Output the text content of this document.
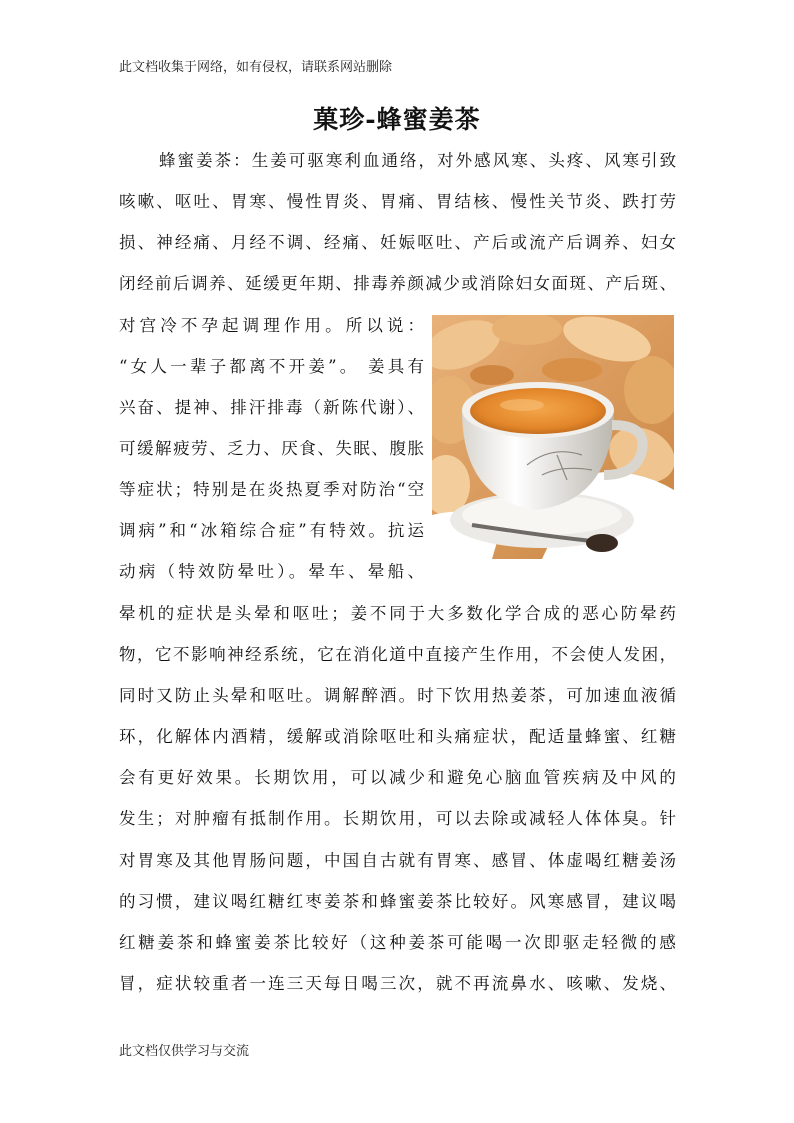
此文档收集于网络，如有侵权，请联系网站删除
菓珍-蜂蜜姜茶
蜂蜜姜茶：生姜可驱寒利血通络，对外感风寒、头疼、风寒引致
咳嗽、呕吐、胃寒、慢性胃炎、胃痛、胃结核、慢性关节炎、跌打劳
损、神经痛、月经不调、经痛、妊娠呕吐、产后或流产后调养、妇女
闭经前后调养、延缓更年期、排毒养颜减少或消除妇女面斑、产后斑、
对宫冷不孕起调理作用。所以说：
“女人一辈子都离不开姜”。 姜具有
兴奋、提神、排汗排毒（新陈代谢）、
可缓解疲劳、乏力、厌食、失眠、腹胀
等症状；特别是在炎热夏季对防治“空
调病”和“冰箱综合症”有特效。抗运
动病（特效防晕吐）。晕车、晕船、
晕机的症状是头晕和呕吐；姜不同于大多数化学合成的恶心防晕药
物，它不影响神经系统，它在消化道中直接产生作用，不会使人发困，
同时又防止头晕和呕吐。调解醉酒。时下饮用热姜茶，可加速血液循
环，化解体内酒精，缓解或消除呕吐和头痛症状，配适量蜂蜜、红糖
会有更好效果。长期饮用，可以减少和避免心脑血管疾病及中风的
发生；对肿瘤有抵制作用。长期饮用，可以去除或减轻人体体臭。针
对胃寒及其他胃肠问题，中国自古就有胃寒、感冒、体虚喝红糖姜汤
的习惯，建议喝红糖红枣姜茶和蜂蜜姜茶比较好。风寒感冒，建议喝
红糖姜茶和蜂蜜姜茶比较好（这种姜茶可能喝一次即驱走轻微的感
冒，症状较重者一连三天每日喝三次，就不再流鼻水、咳嗽、发烧、
此文档仅供学习与交流
